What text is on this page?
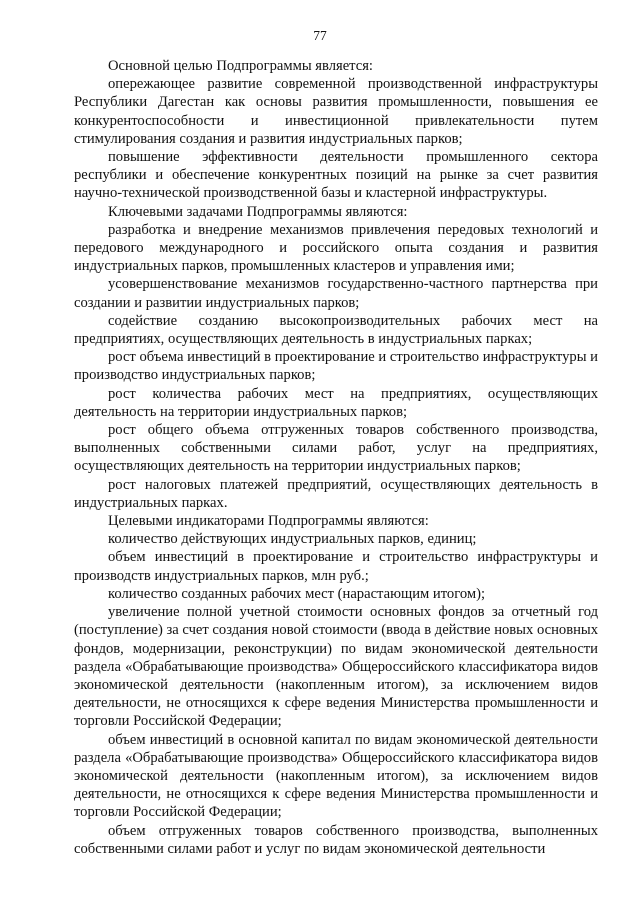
77

Основной целью Подпрограммы является:

опережающее развитие современной производственной инфраструктуры Республики Дагестан как основы развития промышленности, повышения ее конкурентоспособности и инвестиционной привлекательности путем стимулирования создания и развития индустриальных парков;

повышение эффективности деятельности промышленного сектора республики и обеспечение конкурентных позиций на рынке за счет развития научно-технической производственной базы и кластерной инфраструктуры.

Ключевыми задачами Подпрограммы являются:

разработка и внедрение механизмов привлечения передовых технологий и передового международного и российского опыта создания и развития индустриальных парков, промышленных кластеров и управления ими;

усовершенствование механизмов государственно-частного партнерства при создании и развитии индустриальных парков;

содействие созданию высокопроизводительных рабочих мест на предприятиях, осуществляющих деятельность в индустриальных парках;

рост объема инвестиций в проектирование и строительство инфраструктуры и производство индустриальных парков;

рост количества рабочих мест на предприятиях, осуществляющих деятельность на территории индустриальных парков;

рост общего объема отгруженных товаров собственного производства, выполненных собственными силами работ, услуг на предприятиях, осуществляющих деятельность на территории индустриальных парков;

рост налоговых платежей предприятий, осуществляющих деятельность в индустриальных парках.

Целевыми индикаторами Подпрограммы являются:

количество действующих индустриальных парков, единиц;

объем инвестиций в проектирование и строительство инфраструктуры и производств индустриальных парков, млн руб.;

количество созданных рабочих мест (нарастающим итогом);

увеличение полной учетной стоимости основных фондов за отчетный год (поступление) за счет создания новой стоимости (ввода в действие новых основных фондов, модернизации, реконструкции) по видам экономической деятельности раздела «Обрабатывающие производства» Общероссийского классификатора видов экономической деятельности (накопленным итогом), за исключением видов деятельности, не относящихся к сфере ведения Министерства промышленности и торговли Российской Федерации;

объем инвестиций в основной капитал по видам экономической деятельности раздела «Обрабатывающие производства» Общероссийского классификатора видов экономической деятельности (накопленным итогом), за исключением видов деятельности, не относящихся к сфере ведения Министерства промышленности и торговли Российской Федерации;

объем отгруженных товаров собственного производства, выполненных собственными силами работ и услуг по видам экономической деятельности
